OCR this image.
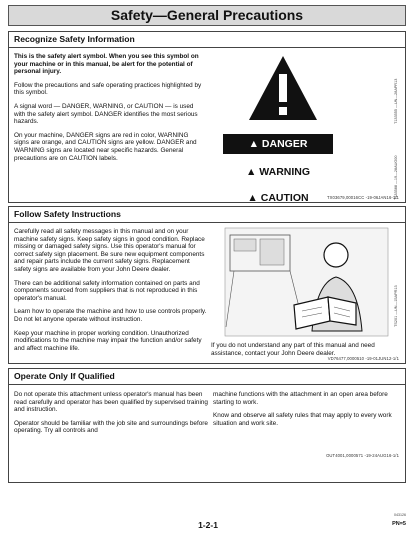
Safety—General Precautions
Recognize Safety Information

This is the safety alert symbol. When you see this symbol on your machine or in this manual, be alert for the potential of personal injury.

Follow the precautions and safe operating practices highlighted by this symbol.

A signal word — DANGER, WARNING, or CAUTION — is used with the safety alert symbol. DANGER identifies the most serious hazards.

On your machine, DANGER signs are red in color, WARNING signs are orange, and CAUTION signs are yellow. DANGER and WARNING signs are located near specific hazards. General precautions are on CAUTION labels.

T133555 —UN—28APR13
T133588 —19—28AUG00
▲ DANGER
▲ WARNING
▲ CAUTION	TX03679,00016CC -19-06JAN16-1/1
Follow Safety Instructions

Carefully read all safety messages in this manual and on your machine safety signs. Keep safety signs in good condition. Replace missing or damaged safety signs. Use this operator's manual for correct safety sign placement. Be sure new equipment components and repair parts include the current safety signs. Replacement safety signs are available from your John Deere dealer.

There can be additional safety information contained on parts and components sourced from suppliers that is not reproduced in this operator's manual.

Learn how to operate the machine and how to use controls properly. Do not let anyone operate without instruction.

Keep your machine in proper working condition. Unauthorized modifications to the machine may impair the function and/or safety and affect machine life.

TS201 —UN—15APR13

If you do not understand any part of this manual and need assistance, contact your John Deere dealer.

VD76477,0000510 -19-01JUN12-1/1
Operate Only If Qualified

Do not operate this attachment unless operator's manual has been read carefully and operator has been qualified by supervised training and instruction.

Operator should be familiar with the job site and surroundings before operating. Try all controls and

machine functions with the attachment in an open area before starting to work.

Know and observe all safety rules that may apply to every work situation and work site.

OUT4001,0000571 -19-24AUG16-1/1
043126
1-2-1	PN=5
